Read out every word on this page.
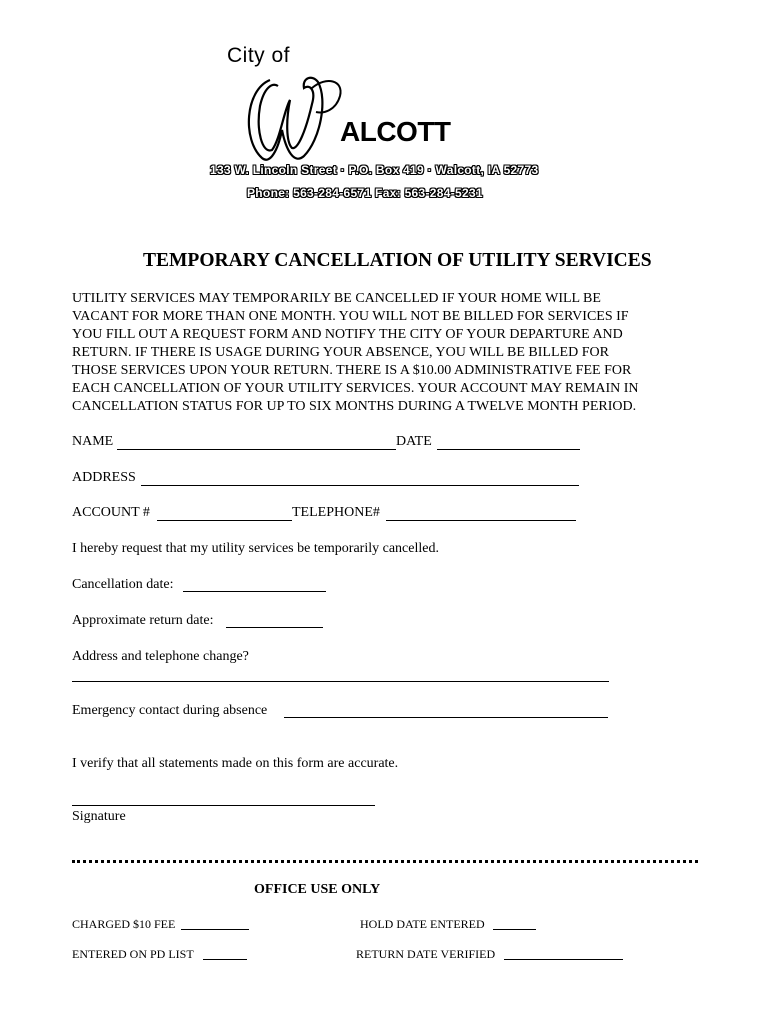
City of
ALCOTT
133 W. Lincoln Street · P.O. Box 419 · Walcott, IA 52773
Phone: 563-284-6571 Fax: 563-284-5231
TEMPORARY CANCELLATION OF UTILITY SERVICES
UTILITY SERVICES MAY TEMPORARILY BE CANCELLED IF YOUR HOME WILL BE
VACANT FOR MORE THAN ONE MONTH. YOU WILL NOT BE BILLED FOR SERVICES IF
YOU FILL OUT A REQUEST FORM AND NOTIFY THE CITY OF YOUR DEPARTURE AND
RETURN. IF THERE IS USAGE DURING YOUR ABSENCE, YOU WILL BE BILLED FOR
THOSE SERVICES UPON YOUR RETURN. THERE IS A $10.00 ADMINISTRATIVE FEE FOR
EACH CANCELLATION OF YOUR UTILITY SERVICES. YOUR ACCOUNT MAY REMAIN IN
CANCELLATION STATUS FOR UP TO SIX MONTHS DURING A TWELVE MONTH PERIOD.
NAME	DATE
ADDRESS
ACCOUNT #	TELEPHONE#
I hereby request that my utility services be temporarily cancelled.
Cancellation date:
Approximate return date:
Address and telephone change?
Emergency contact during absence
I verify that all statements made on this form are accurate.
Signature
OFFICE USE ONLY
CHARGED $10 FEE	HOLD DATE ENTERED
ENTERED ON PD LIST	RETURN DATE VERIFIED
